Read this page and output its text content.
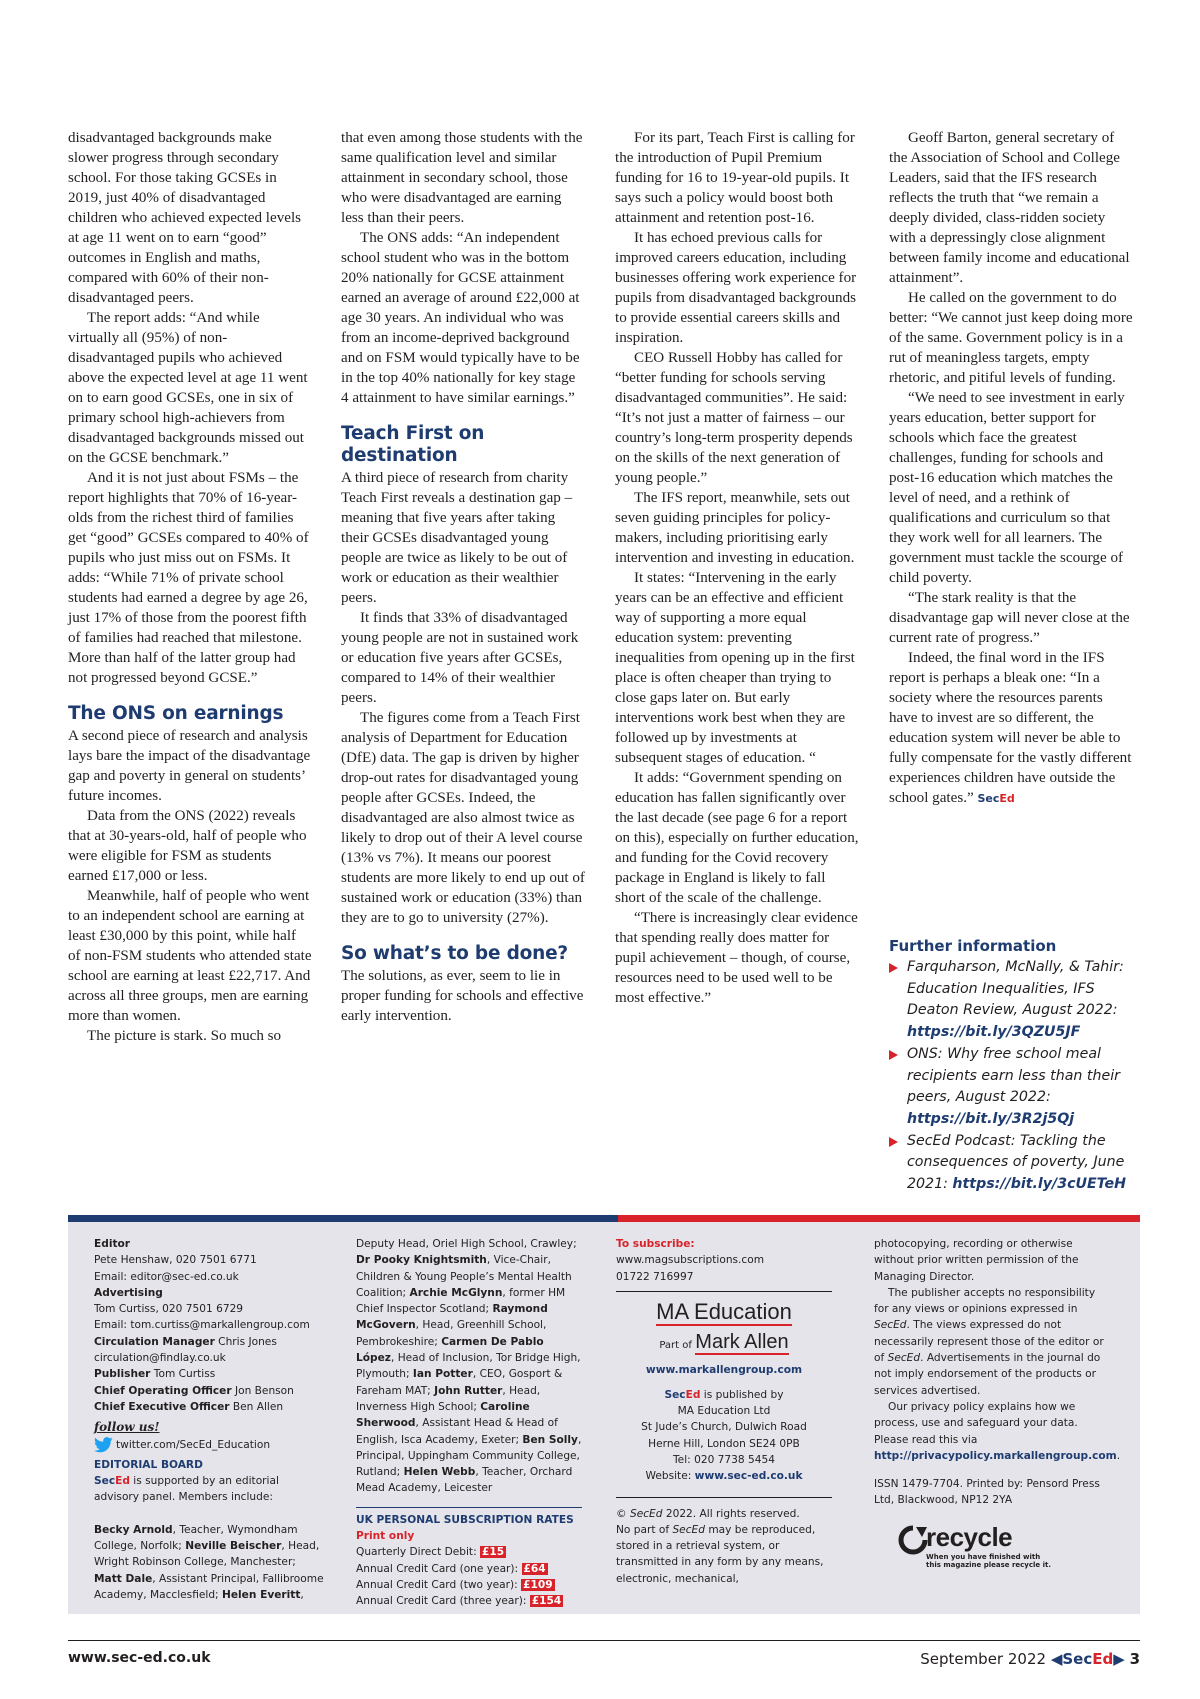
disadvantaged backgrounds make slower progress through secondary school. For those taking GCSEs in 2019, just 40% of disadvantaged children who achieved expected levels at age 11 went on to earn “good” outcomes in English and maths, compared with 60% of their non-disadvantaged peers.

The report adds: “And while virtually all (95%) of non-disadvantaged pupils who achieved above the expected level at age 11 went on to earn good GCSEs, one in six of primary school high-achievers from disadvantaged backgrounds missed out on the GCSE benchmark.”

And it is not just about FSMs – the report highlights that 70% of 16-year-olds from the richest third of families get “good” GCSEs compared to 40% of pupils who just miss out on FSMs. It adds: “While 71% of private school students had earned a degree by age 26, just 17% of those from the poorest fifth of families had reached that milestone. More than half of the latter group had not progressed beyond GCSE.”

The ONS on earnings

A second piece of research and analysis lays bare the impact of the disadvantage gap and poverty in general on students’ future incomes.

Data from the ONS (2022) reveals that at 30-years-old, half of people who were eligible for FSM as students earned £17,000 or less.

Meanwhile, half of people who went to an independent school are earning at least £30,000 by this point, while half of non-FSM students who attended state school are earning at least £22,717. And across all three groups, men are earning more than women.

The picture is stark. So much so

that even among those students with the same qualification level and similar attainment in secondary school, those who were disadvantaged are earning less than their peers.

The ONS adds: “An independent school student who was in the bottom 20% nationally for GCSE attainment earned an average of around £22,000 at age 30 years. An individual who was from an income-deprived background and on FSM would typically have to be in the top 40% nationally for key stage 4 attainment to have similar earnings.”

Teach First on destination

A third piece of research from charity Teach First reveals a destination gap – meaning that five years after taking their GCSEs disadvantaged young people are twice as likely to be out of work or education as their wealthier peers.

It finds that 33% of disadvantaged young people are not in sustained work or education five years after GCSEs, compared to 14% of their wealthier peers.

The figures come from a Teach First analysis of Department for Education (DfE) data. The gap is driven by higher drop-out rates for disadvantaged young people after GCSEs. Indeed, the disadvantaged are also almost twice as likely to drop out of their A level course (13% vs 7%). It means our poorest students are more likely to end up out of sustained work or education (33%) than they are to go to university (27%).

So what’s to be done?

The solutions, as ever, seem to lie in proper funding for schools and effective early intervention.

For its part, Teach First is calling for the introduction of Pupil Premium funding for 16 to 19-year-old pupils. It says such a policy would boost both attainment and retention post-16.

It has echoed previous calls for improved careers education, including businesses offering work experience for pupils from disadvantaged backgrounds to provide essential careers skills and inspiration.

CEO Russell Hobby has called for “better funding for schools serving disadvantaged communities”. He said: “It’s not just a matter of fairness – our country’s long-term prosperity depends on the skills of the next generation of young people.”

The IFS report, meanwhile, sets out seven guiding principles for policy-makers, including prioritising early intervention and investing in education.

It states: “Intervening in the early years can be an effective and efficient way of supporting a more equal education system: preventing inequalities from opening up in the first place is often cheaper than trying to close gaps later on. But early interventions work best when they are followed up by investments at subsequent stages of education. “

It adds: “Government spending on education has fallen significantly over the last decade (see page 6 for a report on this), especially on further education, and funding for the Covid recovery package in England is likely to fall short of the scale of the challenge.

“There is increasingly clear evidence that spending really does matter for pupil achievement – though, of course, resources need to be used well to be most effective.”

Geoff Barton, general secretary of the Association of School and College Leaders, said that the IFS research reflects the truth that “we remain a deeply divided, class-ridden society with a depressingly close alignment between family income and educational attainment”.

He called on the government to do better: “We cannot just keep doing more of the same. Government policy is in a rut of meaningless targets, empty rhetoric, and pitiful levels of funding.

“We need to see investment in early years education, better support for schools which face the greatest challenges, funding for schools and post-16 education which matches the level of need, and a rethink of qualifications and curriculum so that they work well for all learners. The government must tackle the scourge of child poverty.

“The stark reality is that the disadvantage gap will never close at the current rate of progress.”

Indeed, the final word in the IFS report is perhaps a bleak one: “In a society where the resources parents have to invest are so different, the education system will never be able to fully compensate for the vastly different experiences children have outside the school gates.” SecEd

Further information
Farquharson, McNally, & Tahir: Education Inequalities, IFS Deaton Review, August 2022: https://bit.ly/3QZU5JF
ONS: Why free school meal recipients earn less than their peers, August 2022: https://bit.ly/3R2j5Qj
SecEd Podcast: Tackling the consequences of poverty, June 2021: https://bit.ly/3cUETeH

Editor

Pete Henshaw, 020 7501 6771

Email: editor@sec-ed.co.uk

Advertising

Tom Curtiss, 020 7501 6729

Email: tom.curtiss@markallengroup.com

Circulation Manager Chris Jones

circulation@findlay.co.uk

Publisher Tom Curtiss

Chief Operating Officer Jon Benson

Chief Executive Officer Ben Allen

follow us!

twitter.com/SecEd_Education

EDITORIAL BOARD

SecEd is supported by an editorial advisory panel. Members include:

Becky Arnold, Teacher, Wymondham College, Norfolk; Neville Beischer, Head, Wright Robinson College, Manchester; Matt Dale, Assistant Principal, Fallibroome Academy, Macclesfield; Helen Everitt,

Deputy Head, Oriel High School, Crawley; Dr Pooky Knightsmith, Vice-Chair, Children & Young People’s Mental Health Coalition; Archie McGlynn, former HM Chief Inspector Scotland; Raymond McGovern, Head, Greenhill School, Pembrokeshire; Carmen De Pablo López, Head of Inclusion, Tor Bridge High, Plymouth; Ian Potter, CEO, Gosport & Fareham MAT; John Rutter, Head, Inverness High School; Caroline Sherwood, Assistant Head & Head of English, Isca Academy, Exeter; Ben Solly, Principal, Uppingham Community College, Rutland; Helen Webb, Teacher, Orchard Mead Academy, Leicester

UK PERSONAL SUBSCRIPTION RATES

Print only

Quarterly Direct Debit: £15

Annual Credit Card (one year): £64

Annual Credit Card (two year): £109

Annual Credit Card (three year): £154

To subscribe:

www.magsubscriptions.com

01722 716997

MA Education
Part of Mark Allen

www.markallengroup.com

SecEd is published by

MA Education Ltd

St Jude’s Church, Dulwich Road

Herne Hill, London SE24 0PB

Tel: 020 7738 5454

Website: www.sec-ed.co.uk

© SecEd 2022. All rights reserved.

No part of SecEd may be reproduced, stored in a retrieval system, or transmitted in any form by any means, electronic, mechanical,

photocopying, recording or otherwise without prior written permission of the Managing Director.

The publisher accepts no responsibility for any views or opinions expressed in SecEd. The views expressed do not necessarily represent those of the editor or of SecEd. Advertisements in the journal do not imply endorsement of the products or services advertised.

Our privacy policy explains how we process, use and safeguard your data. Please read this via http://privacypolicy.markallengroup.com.

ISSN 1479-7704. Printed by: Pensord Press Ltd, Blackwood, NP12 2YA

recycle
When you have finished with this magazine please recycle it.
www.sec-ed.co.uk	September 2022 ◀SecEd▶ 3
